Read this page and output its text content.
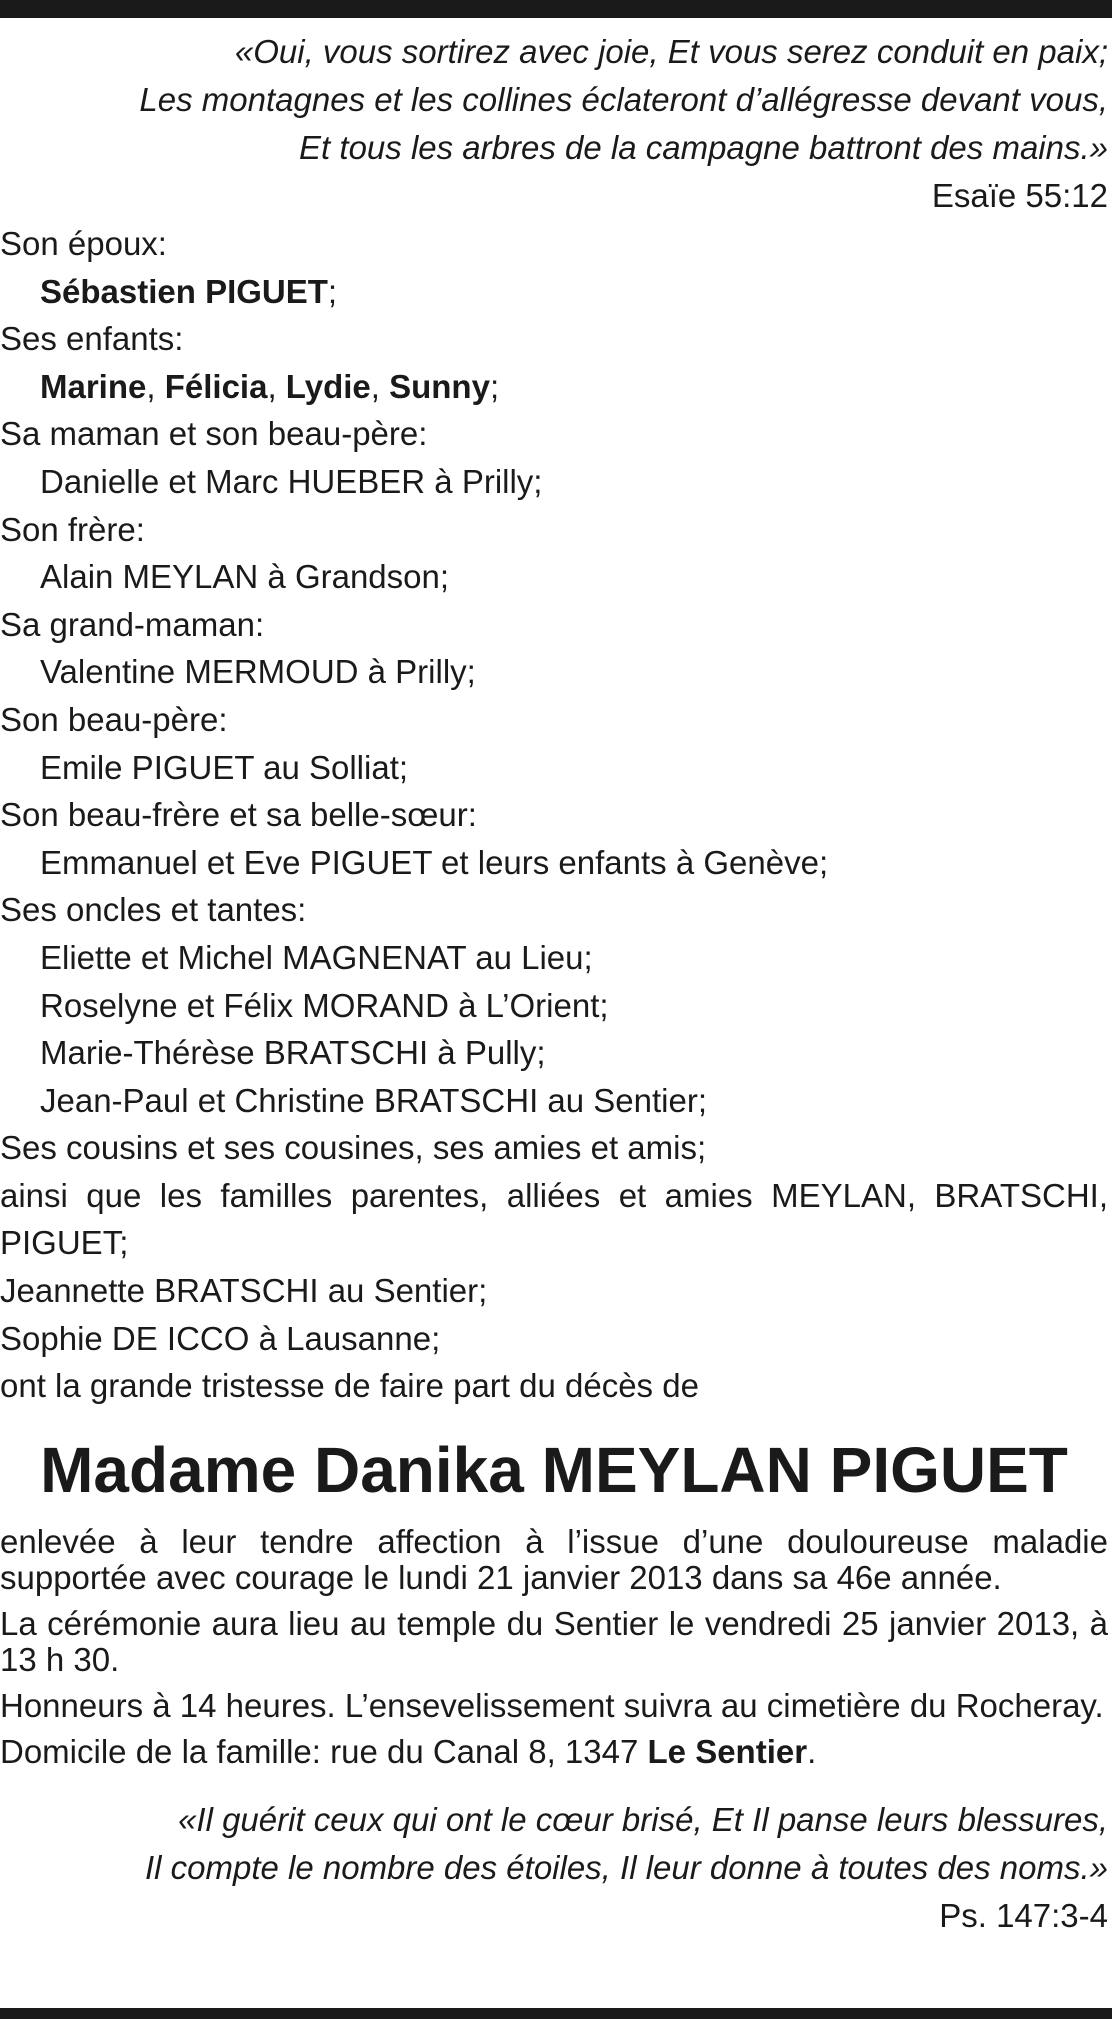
«Oui, vous sortirez avec joie, Et vous serez conduit en paix;
Les montagnes et les collines éclateront d’allégresse devant vous,
Et tous les arbres de la campagne battront des mains.»
Esaïe 55:12
Son époux:
Sébastien PIGUET;
Ses enfants:
Marine, Félicia, Lydie, Sunny;
Sa maman et son beau-père:
Danielle et Marc HUEBER à Prilly;
Son frère:
Alain MEYLAN à Grandson;
Sa grand-maman:
Valentine MERMOUD à Prilly;
Son beau-père:
Emile PIGUET au Solliat;
Son beau-frère et sa belle-sœur:
Emmanuel et Eve PIGUET et leurs enfants à Genève;
Ses oncles et tantes:
Eliette et Michel MAGNENAT au Lieu;
Roselyne et Félix MORAND à L’Orient;
Marie-Thérèse BRATSCHI à Pully;
Jean-Paul et Christine BRATSCHI au Sentier;
Ses cousins et ses cousines, ses amies et amis;
ainsi que les familles parentes, alliées et amies MEYLAN, BRATSCHI, PIGUET;
Jeannette BRATSCHI au Sentier;
Sophie DE ICCO à Lausanne;
ont la grande tristesse de faire part du décès de
Madame Danika MEYLAN PIGUET
enlevée à leur tendre affection à l’issue d’une douloureuse maladie supportée avec courage le lundi 21 janvier 2013 dans sa 46e année.
La cérémonie aura lieu au temple du Sentier le vendredi 25 janvier 2013, à 13 h 30.
Honneurs à 14 heures. L’ensevelissement suivra au cimetière du Rocheray.
Domicile de la famille: rue du Canal 8, 1347 Le Sentier.
«Il guérit ceux qui ont le cœur brisé, Et Il panse leurs blessures,
Il compte le nombre des étoiles, Il leur donne à toutes des noms.»
Ps. 147:3-4
